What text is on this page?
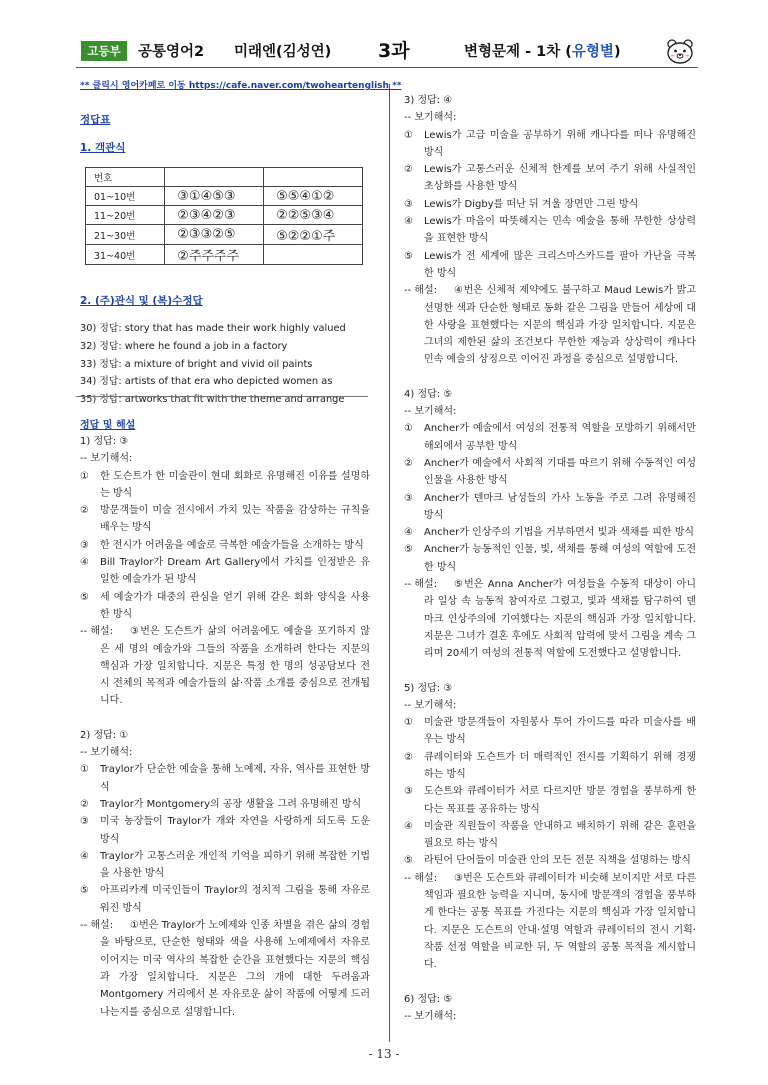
고등부	공통영어2 미래엔(김성연) 3과	변형문제 - 1차 (유형별)
** 클릭시 영어카페로 이동 https://cafe.naver.com/twoheartenglish **
정답표
1. 객관식
번호		
01~10번	③①④⑤③	⑤⑤④①②
11~20번	②③④②③	②②⑤③④
21~30번	②③③②⑤	⑤②②①주
31~40번	②주주주주	
2. (주)관식 및 (복)수정답

30) 정답: story that has made their work highly valued

32) 정답: where he found a job in a factory

33) 정답: a mixture of bright and vivid oil paints

34) 정답: artists of that era who depicted women as

35) 정답: artworks that fit with the theme and arrange

정답 및 해설

1) 정답: ③

-- 보기해석:

①	한 도슨트가 한 미술관이 현대 회화로 유명해진 이유를 설명하는 방식
②	방문객들이 미술 전시에서 가치 있는 작품을 감상하는 규칙을 배우는 방식
③	한 전시가 어려움을 예술로 극복한 예술가들을 소개하는 방식
④	Bill Traylor가 Dream Art Gallery에서 가치를 인정받은 유일한 예술가가 된 방식
⑤	세 예술가가 대중의 관심을 얻기 위해 같은 회화 양식을 사용한 방식
-- 해설:	③번은 도슨트가 삶의 어려움에도 예술을 포기하지 않은 세 명의 예술가와 그들의 작품을 소개하려 한다는 지문의 핵심과 가장 일치합니다. 지문은 특정 한 명의 성공담보다 전시 전체의 목적과 예술가들의 삶·작품 소개를 중심으로 전개됩니다.

2) 정답: ①

-- 보기해석:

①	Traylor가 단순한 예술을 통해 노예제, 자유, 역사를 표현한 방식
②	Traylor가 Montgomery의 공장 생활을 그려 유명해진 방식
③	미국 농장들이 Traylor가 개와 자연을 사랑하게 되도록 도운 방식
④	Traylor가 고통스러운 개인적 기억을 피하기 위해 복잡한 기법을 사용한 방식
⑤	아프리카계 미국인들이 Traylor의 정치적 그림을 통해 자유로워진 방식
-- 해설:	①번은 Traylor가 노예제와 인종 차별을 겪은 삶의 경험을 바탕으로, 단순한 형태와 색을 사용해 노예제에서 자유로 이어지는 미국 역사의 복잡한 순간을 표현했다는 지문의 핵심과 가장 일치합니다. 지문은 그의 개에 대한 두려움과 Montgomery 거리에서 본 자유로운 삶이 작품에 어떻게 드러나는지를 중심으로 설명합니다.

3) 정답: ④

-- 보기해석:

①	Lewis가 고급 미술을 공부하기 위해 캐나다를 떠나 유명해진 방식
②	Lewis가 고통스러운 신체적 한계를 보여 주기 위해 사실적인 초상화를 사용한 방식
③	Lewis가 Digby를 떠난 뒤 겨울 장면만 그린 방식
④	Lewis가 마음이 따뜻해지는 민속 예술을 통해 무한한 상상력을 표현한 방식
⑤	Lewis가 전 세계에 많은 크리스마스카드를 팔아 가난을 극복한 방식
-- 해설:	④번은 신체적 제약에도 불구하고 Maud Lewis가 밝고 선명한 색과 단순한 형태로 동화 같은 그림을 만들어 세상에 대한 사랑을 표현했다는 지문의 핵심과 가장 일치합니다. 지문은 그녀의 제한된 삶의 조건보다 무한한 재능과 상상력이 캐나다 민속 예술의 상징으로 이어진 과정을 중심으로 설명합니다.

4) 정답: ⑤

-- 보기해석:

①	Ancher가 예술에서 여성의 전통적 역할을 모방하기 위해서만 해외에서 공부한 방식
②	Ancher가 예술에서 사회적 기대를 따르기 위해 수동적인 여성 인물을 사용한 방식
③	Ancher가 덴마크 남성들의 가사 노동을 주로 그려 유명해진 방식
④	Ancher가 인상주의 기법을 거부하면서 빛과 색채를 피한 방식
⑤	Ancher가 능동적인 인물, 빛, 색채를 통해 여성의 역할에 도전한 방식
-- 해설:	⑤번은 Anna Ancher가 여성들을 수동적 대상이 아니라 일상 속 능동적 참여자로 그렸고, 빛과 색채를 탐구하여 덴마크 인상주의에 기여했다는 지문의 핵심과 가장 일치합니다. 지문은 그녀가 결혼 후에도 사회적 압력에 맞서 그림을 계속 그리며 20세기 여성의 전통적 역할에 도전했다고 설명합니다.

5) 정답: ③

-- 보기해석:

①	미술관 방문객들이 자원봉사 투어 가이드를 따라 미술사를 배우는 방식
②	큐레이터와 도슨트가 더 매력적인 전시를 기획하기 위해 경쟁하는 방식
③	도슨트와 큐레이터가 서로 다르지만 방문 경험을 풍부하게 한다는 목표를 공유하는 방식
④	미술관 직원들이 작품을 안내하고 배치하기 위해 같은 훈련을 필요로 하는 방식
⑤	라틴어 단어들이 미술관 안의 모든 전문 직책을 설명하는 방식
-- 해설:	③번은 도슨트와 큐레이터가 비슷해 보이지만 서로 다른 책임과 필요한 능력을 지니며, 동시에 방문객의 경험을 풍부하게 한다는 공통 목표를 가진다는 지문의 핵심과 가장 일치합니다. 지문은 도슨트의 안내·설명 역할과 큐레이터의 전시 기획·작품 선정 역할을 비교한 뒤, 두 역할의 공통 목적을 제시합니다.

6) 정답: ⑤

-- 보기해석:

- 13 -
